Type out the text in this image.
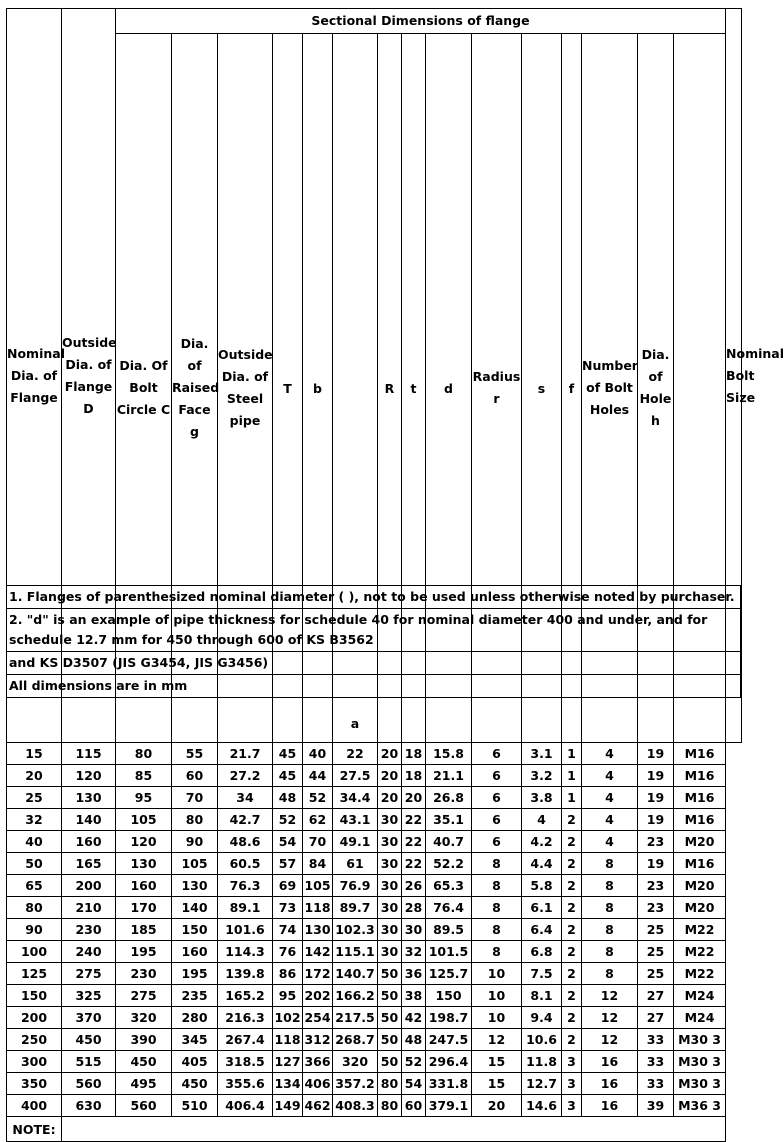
Nominal Dia. of Flange	Outside Dia. of Flange D	Sectional Dimensions of flange															Nominal Bolt Size	
		Dia. Of Bolt Circle C	Dia. of Raised Face g	Outside Dia. of Steel pipe	T	b	a	R	t	d	Radius r	s	f	Number of Bolt Holes	Dia. of Hole h			
15	115	80	55	21.7	45	40	22	20	18	15.8	6	3.1	1	4	19	M16		
20	120	85	60	27.2	45	44	27.5	20	18	21.1	6	3.2	1	4	19	M16		
25	130	95	70	34	48	52	34.4	20	20	26.8	6	3.8	1	4	19	M16		
32	140	105	80	42.7	52	62	43.1	30	22	35.1	6	4	2	4	19	M16		
40	160	120	90	48.6	54	70	49.1	30	22	40.7	6	4.2	2	4	23	M20		
50	165	130	105	60.5	57	84	61	30	22	52.2	8	4.4	2	8	19	M16		
65	200	160	130	76.3	69	105	76.9	30	26	65.3	8	5.8	2	8	23	M20		
80	210	170	140	89.1	73	118	89.7	30	28	76.4	8	6.1	2	8	23	M20		
90	230	185	150	101.6	74	130	102.3	30	30	89.5	8	6.4	2	8	25	M22		
100	240	195	160	114.3	76	142	115.1	30	32	101.5	8	6.8	2	8	25	M22		
125	275	230	195	139.8	86	172	140.7	50	36	125.7	10	7.5	2	8	25	M22		
150	325	275	235	165.2	95	202	166.2	50	38	150	10	8.1	2	12	27	M24		
200	370	320	280	216.3	102	254	217.5	50	42	198.7	10	9.4	2	12	27	M24		
250	450	390	345	267.4	118	312	268.7	50	48	247.5	12	10.6	2	12	33	M30 3		
300	515	450	405	318.5	127	366	320	50	52	296.4	15	11.8	3	16	33	M30 3		
350	560	495	450	355.6	134	406	357.2	80	54	331.8	15	12.7	3	16	33	M30 3		
400	630	560	510	406.4	149	462	408.3	80	60	379.1	20	14.6	3	16	39	M36 3		
NOTE:																		
1. Flanges of parenthesized nominal diameter ( ), not to be used unless otherwise noted by purchaser.
2. "d" is an example of pipe thickness for schedule 40 for nominal diameter 400 and under, and for schedule 12.7 mm for 450 through 600 of KS B3562
and KS D3507 (JIS G3454, JIS G3456)
All dimensions are in mm
